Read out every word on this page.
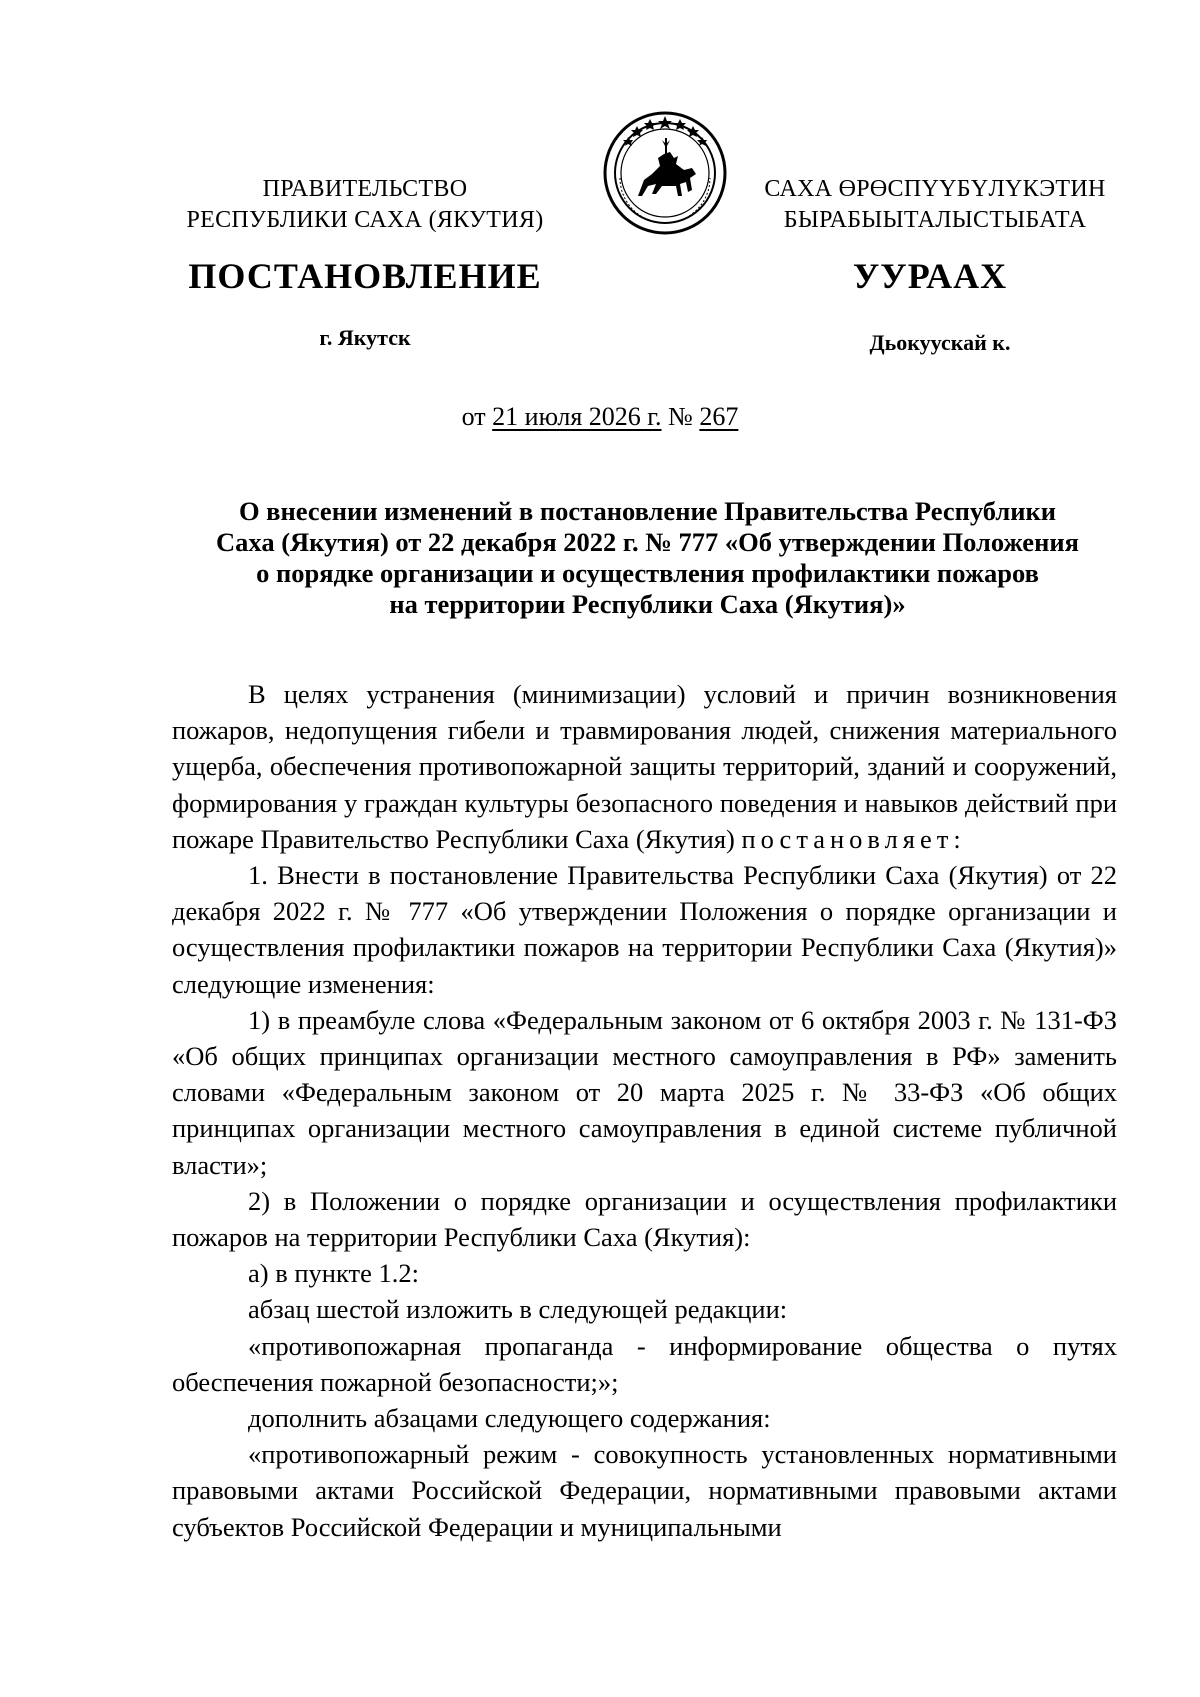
ПРАВИТЕЛЬСТВО
РЕСПУБЛИКИ САХА (ЯКУТИЯ)
САХА ӨРӨСПҮҮБҮЛҮКЭТИН
БЫРАБЫЫТАЛЫСТЫБАТА
ПОСТАНОВЛЕНИЕ	УУРААХ
г. Якутск	Дьокуускай к.
от 21 июля 2026 г. № 267
О внесении изменений в постановление Правительства Республики
Саха (Якутия) от 22 декабря 2022 г. № 777 «Об утверждении Положения
о порядке организации и осуществления профилактики пожаров
на территории Республики Саха (Якутия)»

В целях устранения (минимизации) условий и причин возникновения пожаров, недопущения гибели и травмирования людей, снижения материального ущерба, обеспечения противопожарной защиты территорий, зданий и сооружений, формирования у граждан культуры безопасного поведения и навыков действий при пожаре Правительство Республики Саха (Якутия) постановляет:

1. Внести в постановление Правительства Республики Саха (Якутия) от 22 декабря 2022 г. № 777 «Об утверждении Положения о порядке организации и осуществления профилактики пожаров на территории Республики Саха (Якутия)» следующие изменения:

1) в преамбуле слова «Федеральным законом от 6 октября 2003 г. № 131-ФЗ «Об общих принципах организации местного самоуправления в РФ» заменить словами «Федеральным законом от 20 марта 2025 г. № 33-ФЗ «Об общих принципах организации местного самоуправления в единой системе публичной власти»;

2) в Положении о порядке организации и осуществления профилактики пожаров на территории Республики Саха (Якутия):

а) в пункте 1.2:

абзац шестой изложить в следующей редакции:

«противопожарная пропаганда - информирование общества о путях обеспечения пожарной безопасности;»;

дополнить абзацами следующего содержания:

«противопожарный режим - совокупность установленных нормативными правовыми актами Российской Федерации, нормативными правовыми актами субъектов Российской Федерации и муниципальными
